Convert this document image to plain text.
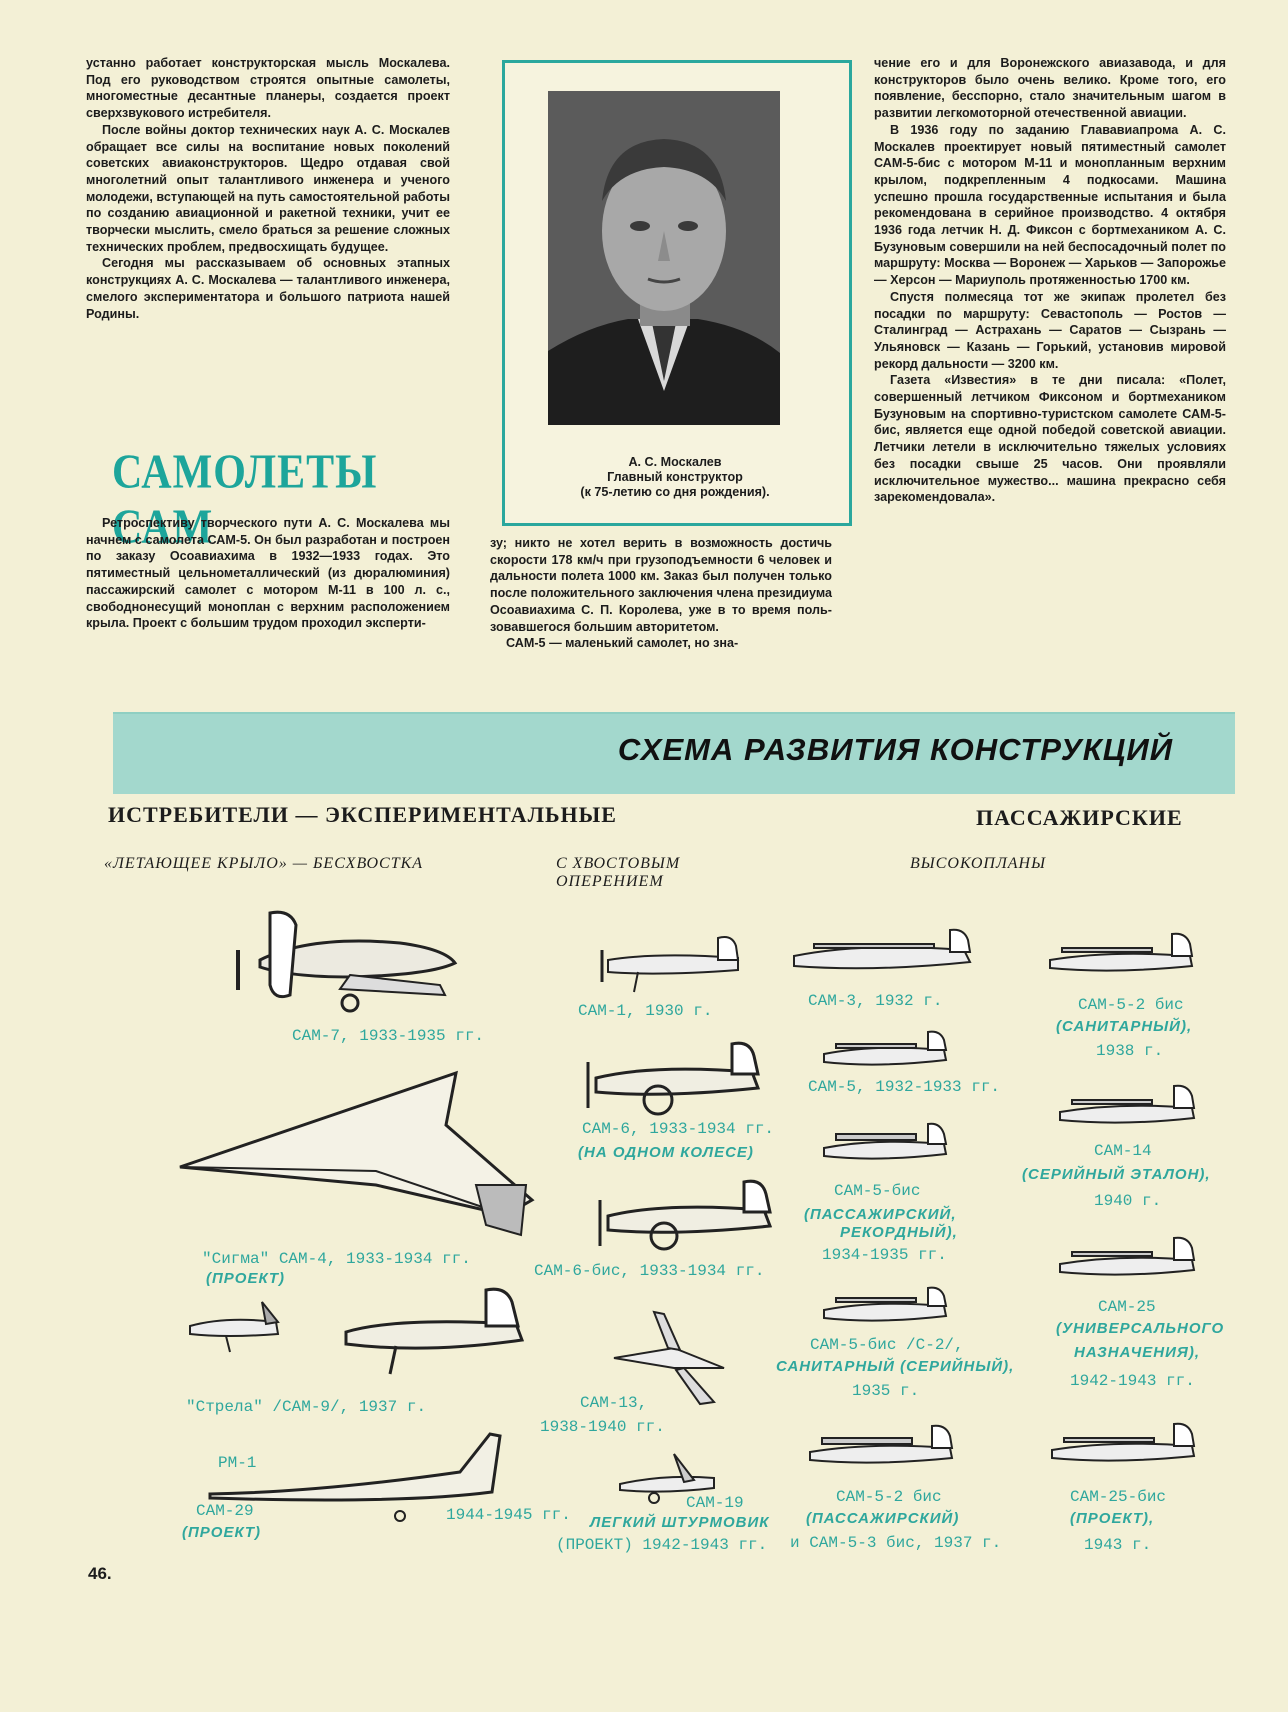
устанно работает конструкторская мысль Москалева. Под его руководством строятся опытные самолеты, многоместные десантные планеры, создается проект сверхзвукового истребителя.

После войны доктор технических наук А. С. Москалев обращает все силы на воспитание новых поколений советских авиаконструкторов. Щедро отдавая свой многолетний опыт талантливого инженера и ученого молодежи, вступающей на путь самостоятельной работы по созданию авиационной и ракетной техники, учит ее творчески мыслить, смело браться за решение сложных технических проблем, предвосхищать будущее.

Сегодня мы рассказываем об основных этапных конструкциях А. С. Москалева — талантливого инженера, смелого экспериментатора и большого патриота нашей Родины.

САМОЛЕТЫ САМ

Ретроспективу творческого пути А. С. Москалева мы начнем с самолета САМ-5. Он был разработан и построен по заказу Осоавиахима в 1932—1933 годах. Это пятиместный цельнометаллический (из дюралюминия) пассажирский самолет с мотором М-11 в 100 л. с., свободнонесущий моноплан с верхним расположением крыла. Проект с большим трудом проходил эксперти-

А. С. Москалев
Главный конструктор
(к 75-летию со дня рождения).

зу; никто не хотел верить в возможность достичь скорости 178 км/ч при грузоподъемности 6 человек и дальности полета 1000 км. Заказ был получен только после положительного заключения члена президиума Осоавиахима С. П. Королева, уже в то время пользовавшегося большим авторитетом.

САМ-5 — маленький самолет, но зна-

чение его и для Воронежского авиазавода, и для конструкторов было очень велико. Кроме того, его появление, бесспорно, стало значительным шагом в развитии легкомоторной отечественной авиации.

В 1936 году по заданию Глававиапрома А. С. Москалев проектирует новый пятиместный самолет САМ-5-бис с мотором М-11 и монопланным верхним крылом, подкрепленным 4 подкосами. Машина успешно прошла государственные испытания и была рекомендована в серийное производство. 4 октября 1936 года летчик Н. Д. Фиксон с бортмехаником А. С. Бузуновым совершили на ней беспосадочный полет по маршруту: Москва — Воронеж — Харьков — Запорожье — Херсон — Мариуполь протяженностью 1700 км.

Спустя полмесяца тот же экипаж пролетел без посадки по маршруту: Севастополь — Ростов — Сталинград — Астрахань — Саратов — Сызрань — Ульяновск — Казань — Горький, установив мировой рекорд дальности — 3200 км.

Газета «Известия» в те дни писала: «Полет, совершенный летчиком Фиксоном и бортмехаником Бузуновым на спортивно-туристском самолете САМ-5-бис, является еще одной победой советской авиации. Летчики летели в исключительно тяжелых условиях без посадки свыше 25 часов. Они проявляли исключительное мужество... машина прекрасно себя зарекомендовала».

СХЕМА РАЗВИТИЯ КОНСТРУКЦИЙ
ИСТРЕБИТЕЛИ — ЭКСПЕРИМЕНТАЛЬНЫЕ	ПАССАЖИРСКИЕ
«ЛЕТАЮЩЕЕ КРЫЛО» — БЕСХВОСТКА	С ХВОСТОВЫМ ОПЕРЕНИЕМ
ВЫСОКОПЛАНЫ
САМ-7, 1933-1935 гг.
"Сигма" САМ-4, 1933-1934 гг.
(ПРОЕКТ)
"Стрела" /САМ-9/, 1937 г.
РМ-1
САМ-29
(ПРОЕКТ)
1944-1945 гг.
САМ-1, 1930 г.
САМ-6, 1933-1934 гг.
(НА ОДНОМ КОЛЕСЕ)
САМ-6-бис, 1933-1934 гг.
САМ-13,
1938-1940 гг.
САМ-19
ЛЕГКИЙ ШТУРМОВИК
(ПРОЕКТ) 1942-1943 гг.
САМ-3, 1932 г.
САМ-5, 1932-1933 гг.
САМ-5-бис
(ПАССАЖИРСКИЙ,
РЕКОРДНЫЙ),
1934-1935 гг.
САМ-5-бис /С-2/,
САНИТАРНЫЙ (СЕРИЙНЫЙ),
1935 г.
САМ-5-2 бис
(ПАССАЖИРСКИЙ)
и САМ-5-3 бис, 1937 г.
САМ-5-2 бис
(САНИТАРНЫЙ),
1938 г.
САМ-14
(СЕРИЙНЫЙ ЭТАЛОН),
1940 г.
САМ-25
(УНИВЕРСАЛЬНОГО
НАЗНАЧЕНИЯ),
1942-1943 гг.
САМ-25-бис
(ПРОЕКТ),
1943 г.
46.
